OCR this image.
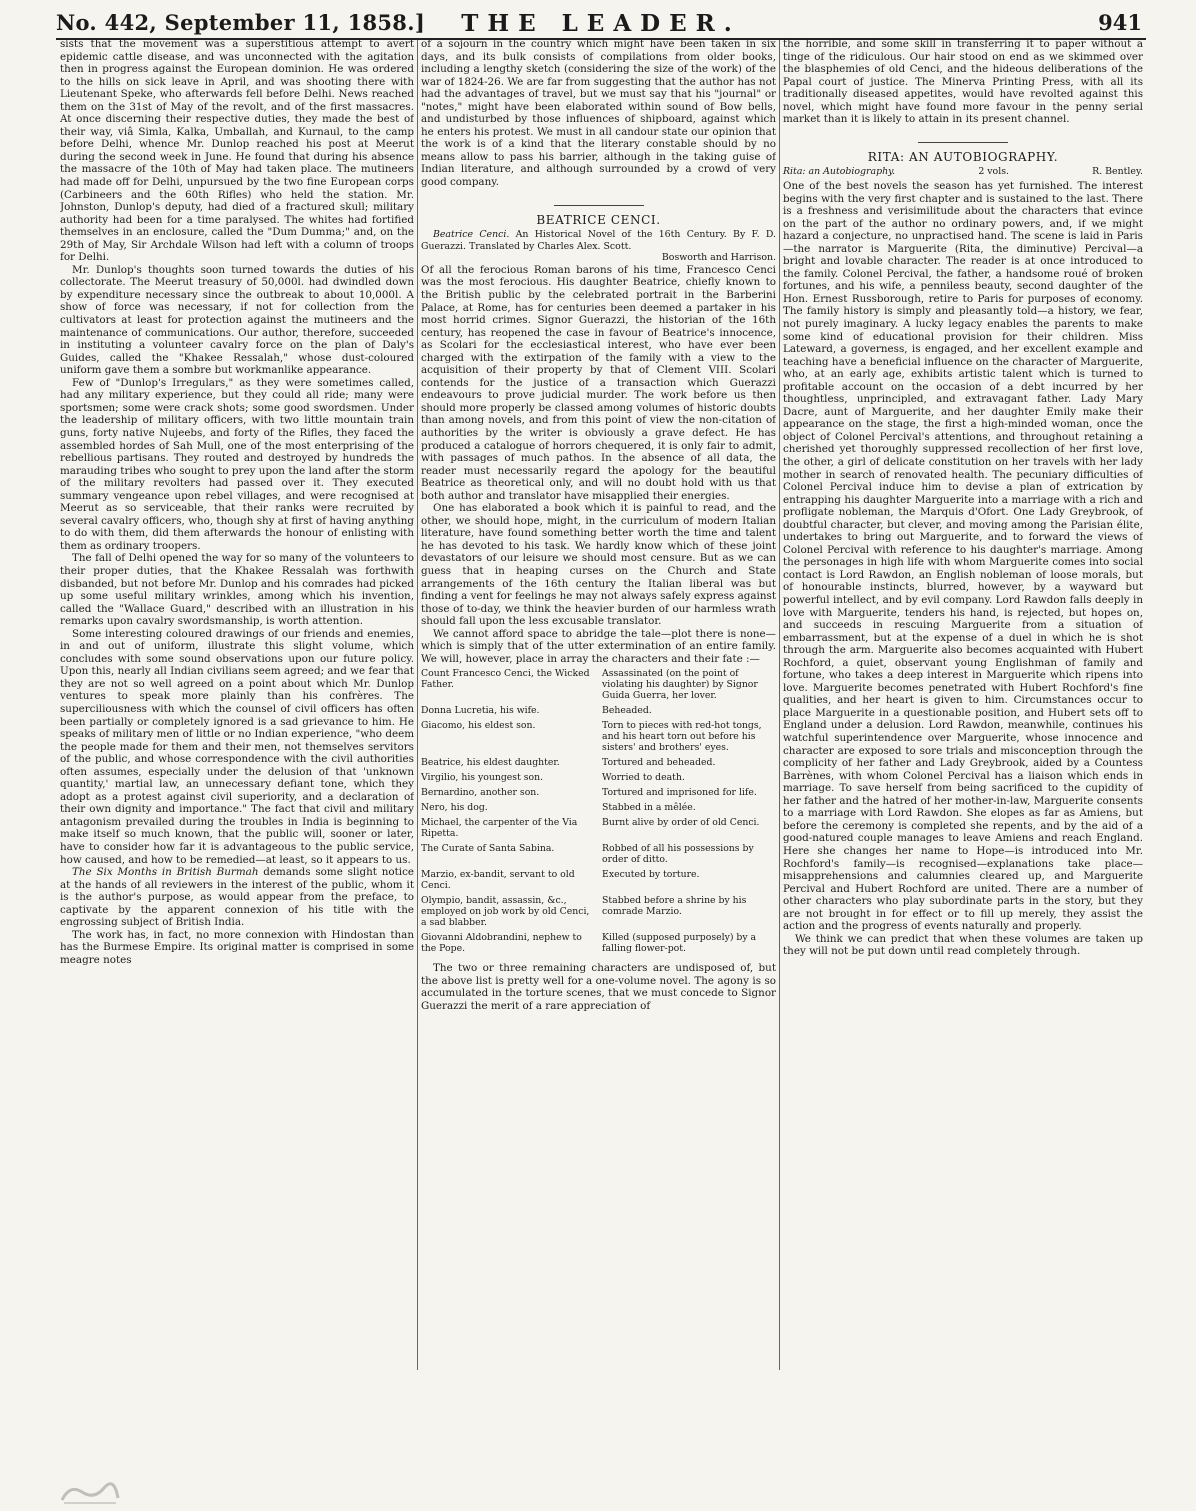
No. 442, September 11, 1858.]	THE LEADER.	941

sists that the movement was a superstitious attempt to avert epidemic cattle disease, and was unconnected with the agitation then in progress against the European dominion. He was ordered to the hills on sick leave in April, and was shooting there with Lieutenant Speke, who afterwards fell before Delhi. News reached them on the 31st of May of the revolt, and of the first massacres. At once discerning their respective duties, they made the best of their way, viâ Simla, Kalka, Umballah, and Kurnaul, to the camp before Delhi, whence Mr. Dunlop reached his post at Meerut during the second week in June. He found that during his absence the massacre of the 10th of May had taken place. The mutineers had made off for Delhi, unpursued by the two fine European corps (Carbineers and the 60th Rifles) who held the station. Mr. Johnston, Dunlop's deputy, had died of a fractured skull; military authority had been for a time paralysed. The whites had fortified themselves in an enclosure, called the "Dum Dumma;" and, on the 29th of May, Sir Archdale Wilson had left with a column of troops for Delhi.

Mr. Dunlop's thoughts soon turned towards the duties of his collectorate. The Meerut treasury of 50,000l. had dwindled down by expenditure necessary since the outbreak to about 10,000l. A show of force was necessary, if not for collection from the cultivators at least for protection against the mutineers and the maintenance of communications. Our author, therefore, succeeded in instituting a volunteer cavalry force on the plan of Daly's Guides, called the "Khakee Ressalah," whose dust-coloured uniform gave them a sombre but workmanlike appearance.

Few of "Dunlop's Irregulars," as they were sometimes called, had any military experience, but they could all ride; many were sportsmen; some were crack shots; some good swordsmen. Under the leadership of military officers, with two little mountain train guns, forty native Nujeebs, and forty of the Rifles, they faced the assembled hordes of Sah Mull, one of the most enterprising of the rebellious partisans. They routed and destroyed by hundreds the marauding tribes who sought to prey upon the land after the storm of the military revolters had passed over it. They executed summary vengeance upon rebel villages, and were recognised at Meerut as so serviceable, that their ranks were recruited by several cavalry officers, who, though shy at first of having anything to do with them, did them afterwards the honour of enlisting with them as ordinary troopers.

The fall of Delhi opened the way for so many of the volunteers to their proper duties, that the Khakee Ressalah was forthwith disbanded, but not before Mr. Dunlop and his comrades had picked up some useful military wrinkles, among which his invention, called the "Wallace Guard," described with an illustration in his remarks upon cavalry swordsmanship, is worth attention.

Some interesting coloured drawings of our friends and enemies, in and out of uniform, illustrate this slight volume, which concludes with some sound observations upon our future policy. Upon this, nearly all Indian civilians seem agreed; and we fear that they are not so well agreed on a point about which Mr. Dunlop ventures to speak more plainly than his confrères. The superciliousness with which the counsel of civil officers has often been partially or completely ignored is a sad grievance to him. He speaks of military men of little or no Indian experience, "who deem the people made for them and their men, not themselves servitors of the public, and whose correspondence with the civil authorities often assumes, especially under the delusion of that 'unknown quantity,' martial law, an unnecessary defiant tone, which they adopt as a protest against civil superiority, and a declaration of their own dignity and importance." The fact that civil and military antagonism prevailed during the troubles in India is beginning to make itself so much known, that the public will, sooner or later, have to consider how far it is advantageous to the public service, how caused, and how to be remedied—at least, so it appears to us.

The Six Months in British Burmah demands some slight notice at the hands of all reviewers in the interest of the public, whom it is the author's purpose, as would appear from the preface, to captivate by the apparent connexion of his title with the engrossing subject of British India.

The work has, in fact, no more connexion with Hindostan than has the Burmese Empire. Its original matter is comprised in some meagre notes

of a sojourn in the country which might have been taken in six days, and its bulk consists of compilations from older books, including a lengthy sketch (considering the size of the work) of the war of 1824-26. We are far from suggesting that the author has not had the advantages of travel, but we must say that his "journal" or "notes," might have been elaborated within sound of Bow bells, and undisturbed by those influences of shipboard, against which he enters his protest. We must in all candour state our opinion that the work is of a kind that the literary constable should by no means allow to pass his barrier, although in the taking guise of Indian literature, and although surrounded by a crowd of very good company.

BEATRICE CENCI.

Beatrice Cenci. An Historical Novel of the 16th Century. By F. D. Guerazzi. Translated by Charles Alex. Scott.

Bosworth and Harrison.

Of all the ferocious Roman barons of his time, Francesco Cenci was the most ferocious. His daughter Beatrice, chiefly known to the British public by the celebrated portrait in the Barberini Palace, at Rome, has for centuries been deemed a partaker in his most horrid crimes. Signor Guerazzi, the historian of the 16th century, has reopened the case in favour of Beatrice's innocence, as Scolari for the ecclesiastical interest, who have ever been charged with the extirpation of the family with a view to the acquisition of their property by that of Clement VIII. Scolari contends for the justice of a transaction which Guerazzi endeavours to prove judicial murder. The work before us then should more properly be classed among volumes of historic doubts than among novels, and from this point of view the non-citation of authorities by the writer is obviously a grave defect. He has produced a catalogue of horrors chequered, it is only fair to admit, with passages of much pathos. In the absence of all data, the reader must necessarily regard the apology for the beautiful Beatrice as theoretical only, and will no doubt hold with us that both author and translator have misapplied their energies.

One has elaborated a book which it is painful to read, and the other, we should hope, might, in the curriculum of modern Italian literature, have found something better worth the time and talent he has devoted to his task. We hardly know which of these joint devastators of our leisure we should most censure. But as we can guess that in heaping curses on the Church and State arrangements of the 16th century the Italian liberal was but finding a vent for feelings he may not always safely express against those of to-day, we think the heavier burden of our harmless wrath should fall upon the less excusable translator.

We cannot afford space to abridge the tale—plot there is none—which is simply that of the utter extermination of an entire family. We will, however, place in array the characters and their fate :—

Count Francesco Cenci, the Wicked Father.	Assassinated (on the point of violating his daughter) by Signor Guida Guerra, her lover.
Donna Lucretia, his wife.	Beheaded.
Giacomo, his eldest son.	Torn to pieces with red-hot tongs, and his heart torn out before his sisters' and brothers' eyes.
Beatrice, his eldest daughter.	Tortured and beheaded.
Virgilio, his youngest son.	Worried to death.
Bernardino, another son.	Tortured and imprisoned for life.
Nero, his dog.	Stabbed in a mêlée.
Michael, the carpenter of the Via Ripetta.	Burnt alive by order of old Cenci.
The Curate of Santa Sabina.	Robbed of all his possessions by order of ditto.
Marzio, ex-bandit, servant to old Cenci.	Executed by torture.
Olympio, bandit, assassin, &c., employed on job work by old Cenci, a sad blabber.	Stabbed before a shrine by his comrade Marzio.
Giovanni Aldobrandini, nephew to the Pope.	Killed (supposed purposely) by a falling flower-pot.

The two or three remaining characters are undisposed of, but the above list is pretty well for a one-volume novel. The agony is so accumulated in the torture scenes, that we must concede to Signor Guerazzi the merit of a rare appreciation of

the horrible, and some skill in transferring it to paper without a tinge of the ridiculous. Our hair stood on end as we skimmed over the blasphemies of old Cenci, and the hideous deliberations of the Papal court of justice. The Minerva Printing Press, with all its traditionally diseased appetites, would have revolted against this novel, which might have found more favour in the penny serial market than it is likely to attain in its present channel.

RITA: AN AUTOBIOGRAPHY.
Rita: an Autobiography.	2 vols.	R. Bentley.

One of the best novels the season has yet furnished. The interest begins with the very first chapter and is sustained to the last. There is a freshness and verisimilitude about the characters that evince on the part of the author no ordinary powers, and, if we might hazard a conjecture, no unpractised hand. The scene is laid in Paris—the narrator is Marguerite (Rita, the diminutive) Percival—a bright and lovable character. The reader is at once introduced to the family. Colonel Percival, the father, a handsome roué of broken fortunes, and his wife, a penniless beauty, second daughter of the Hon. Ernest Russborough, retire to Paris for purposes of economy. The family history is simply and pleasantly told—a history, we fear, not purely imaginary. A lucky legacy enables the parents to make some kind of educational provision for their children. Miss Lateward, a governess, is engaged, and her excellent example and teaching have a beneficial influence on the character of Marguerite, who, at an early age, exhibits artistic talent which is turned to profitable account on the occasion of a debt incurred by her thoughtless, unprincipled, and extravagant father. Lady Mary Dacre, aunt of Marguerite, and her daughter Emily make their appearance on the stage, the first a high-minded woman, once the object of Colonel Percival's attentions, and throughout retaining a cherished yet thoroughly suppressed recollection of her first love, the other, a girl of delicate constitution on her travels with her lady mother in search of renovated health. The pecuniary difficulties of Colonel Percival induce him to devise a plan of extrication by entrapping his daughter Marguerite into a marriage with a rich and profligate nobleman, the Marquis d'Ofort. One Lady Greybrook, of doubtful character, but clever, and moving among the Parisian élite, undertakes to bring out Marguerite, and to forward the views of Colonel Percival with reference to his daughter's marriage. Among the personages in high life with whom Marguerite comes into social contact is Lord Rawdon, an English nobleman of loose morals, but of honourable instincts, blurred, however, by a wayward but powerful intellect, and by evil company. Lord Rawdon falls deeply in love with Marguerite, tenders his hand, is rejected, but hopes on, and succeeds in rescuing Marguerite from a situation of embarrassment, but at the expense of a duel in which he is shot through the arm. Marguerite also becomes acquainted with Hubert Rochford, a quiet, observant young Englishman of family and fortune, who takes a deep interest in Marguerite which ripens into love. Marguerite becomes penetrated with Hubert Rochford's fine qualities, and her heart is given to him. Circumstances occur to place Marguerite in a questionable position, and Hubert sets off to England under a delusion. Lord Rawdon, meanwhile, continues his watchful superintendence over Marguerite, whose innocence and character are exposed to sore trials and misconception through the complicity of her father and Lady Greybrook, aided by a Countess Barrènes, with whom Colonel Percival has a liaison which ends in marriage. To save herself from being sacrificed to the cupidity of her father and the hatred of her mother-in-law, Marguerite consents to a marriage with Lord Rawdon. She elopes as far as Amiens, but before the ceremony is completed she repents, and by the aid of a good-natured couple manages to leave Amiens and reach England. Here she changes her name to Hope—is introduced into Mr. Rochford's family—is recognised—explanations take place—misapprehensions and calumnies cleared up, and Marguerite Percival and Hubert Rochford are united. There are a number of other characters who play subordinate parts in the story, but they are not brought in for effect or to fill up merely, they assist the action and the progress of events naturally and properly.

We think we can predict that when these volumes are taken up they will not be put down until read completely through.
